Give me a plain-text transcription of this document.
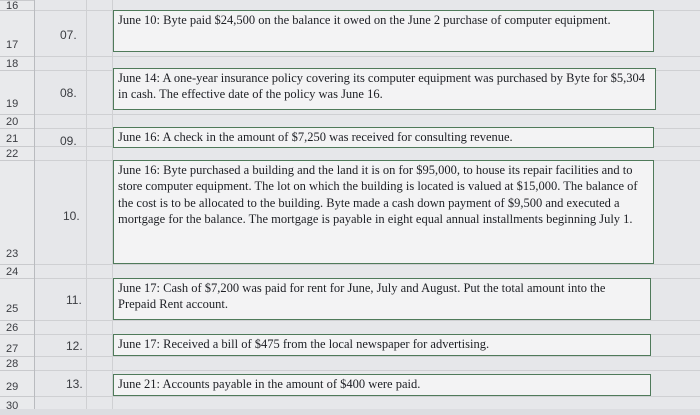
16
17
18
19
20
21
22
23
24
25
26
27
28
29
30
07.
08.
09.
10.
11.
12.
13.
June 10: Byte paid $24,500 on the balance it owed on the June 2 purchase of computer equipment.
June 14: A one-year insurance policy covering its computer equipment was purchased by Byte for $5,304 in cash. The effective date of the policy was June 16.
June 16: A check in the amount of $7,250 was received for consulting revenue.
June 16: Byte purchased a building and the land it is on for $95,000, to house its repair facilities and to store computer equipment. The lot on which the building is located is valued at $15,000. The balance of the cost is to be allocated to the building. Byte made a cash down payment of $9,500 and executed a mortgage for the balance. The mortgage is payable in eight equal annual installments beginning July 1.
June 17: Cash of $7,200 was paid for rent for June, July and August. Put the total amount into the Prepaid Rent account.
June 17: Received a bill of $475 from the local newspaper for advertising.
June 21: Accounts payable in the amount of $400 were paid.
